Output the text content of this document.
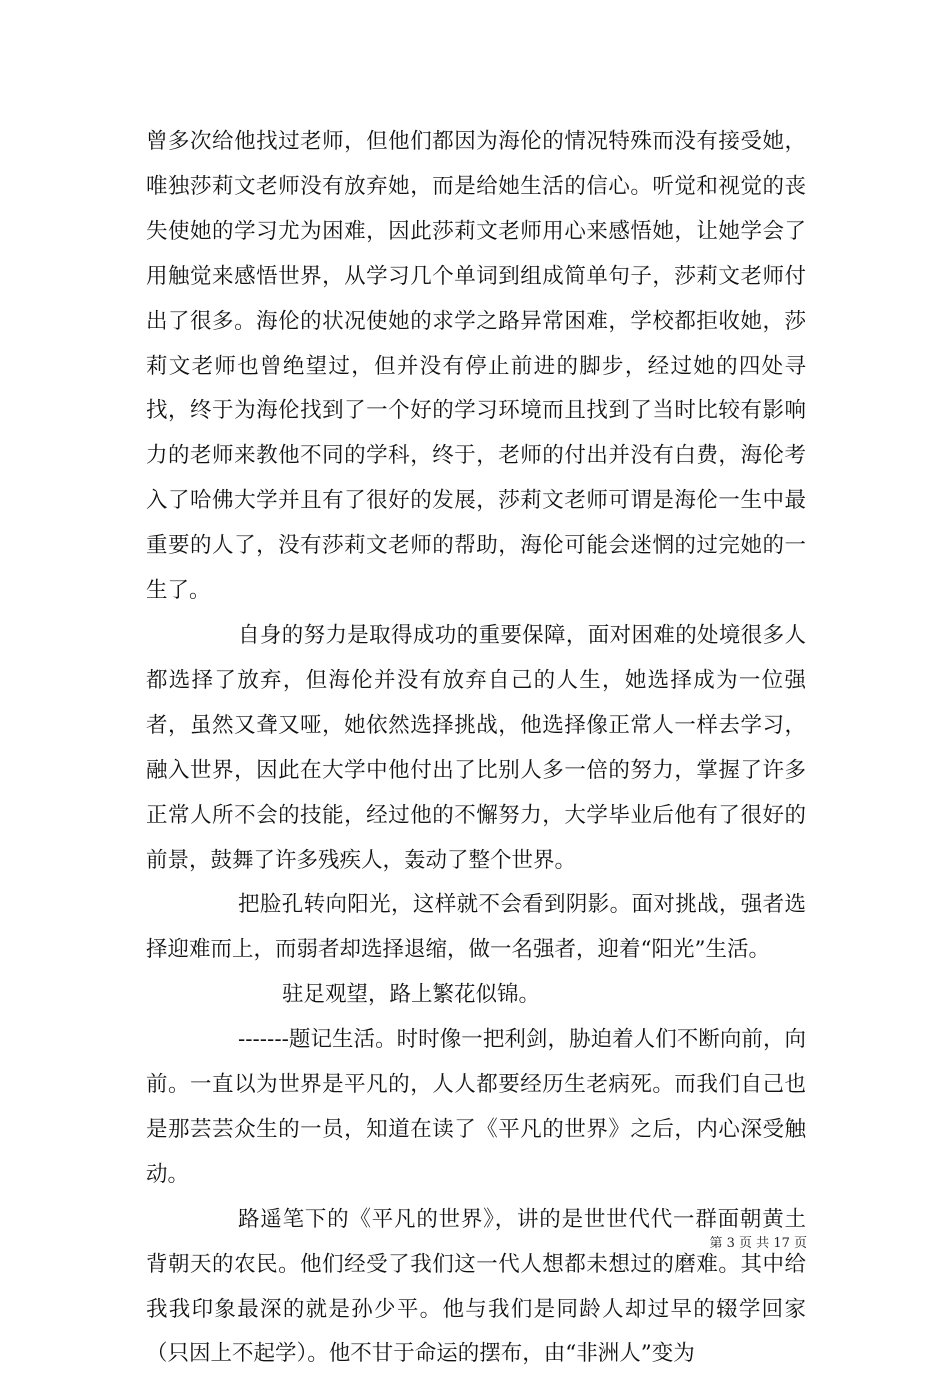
曾多次给他找过老师，但他们都因为海伦的情况特殊而没有接受她，唯独莎莉文老师没有放弃她，而是给她生活的信心。听觉和视觉的丧失使她的学习尤为困难，因此莎莉文老师用心来感悟她，让她学会了用触觉来感悟世界，从学习几个单词到组成简单句子，莎莉文老师付出了很多。海伦的状况使她的求学之路异常困难，学校都拒收她，莎莉文老师也曾绝望过，但并没有停止前进的脚步，经过她的四处寻找，终于为海伦找到了一个好的学习环境而且找到了当时比较有影响力的老师来教他不同的学科，终于，老师的付出并没有白费，海伦考入了哈佛大学并且有了很好的发展，莎莉文老师可谓是海伦一生中最重要的人了，没有莎莉文老师的帮助，海伦可能会迷惘的过完她的一生了。

自身的努力是取得成功的重要保障，面对困难的处境很多人都选择了放弃，但海伦并没有放弃自己的人生，她选择成为一位强者，虽然又聋又哑，她依然选择挑战，他选择像正常人一样去学习，融入世界，因此在大学中他付出了比别人多一倍的努力，掌握了许多正常人所不会的技能，经过他的不懈努力，大学毕业后他有了很好的前景，鼓舞了许多残疾人，轰动了整个世界。

把脸孔转向阳光，这样就不会看到阴影。面对挑战，强者选择迎难而上，而弱者却选择退缩，做一名强者，迎着“阳光”生活。

驻足观望，路上繁花似锦。

-------题记生活。时时像一把利剑，胁迫着人们不断向前，向前。一直以为世界是平凡的，人人都要经历生老病死。而我们自己也是那芸芸众生的一员，知道在读了《平凡的世界》之后，内心深受触动。

路遥笔下的《平凡的世界》，讲的是世世代代一群面朝黄土背朝天的农民。他们经受了我们这一代人想都未想过的磨难。其中给我我印象最深的就是孙少平。他与我们是同龄人却过早的辍学回家（只因上不起学）。他不甘于命运的摆布，由“非洲人”变为

第 3 页 共 17 页
